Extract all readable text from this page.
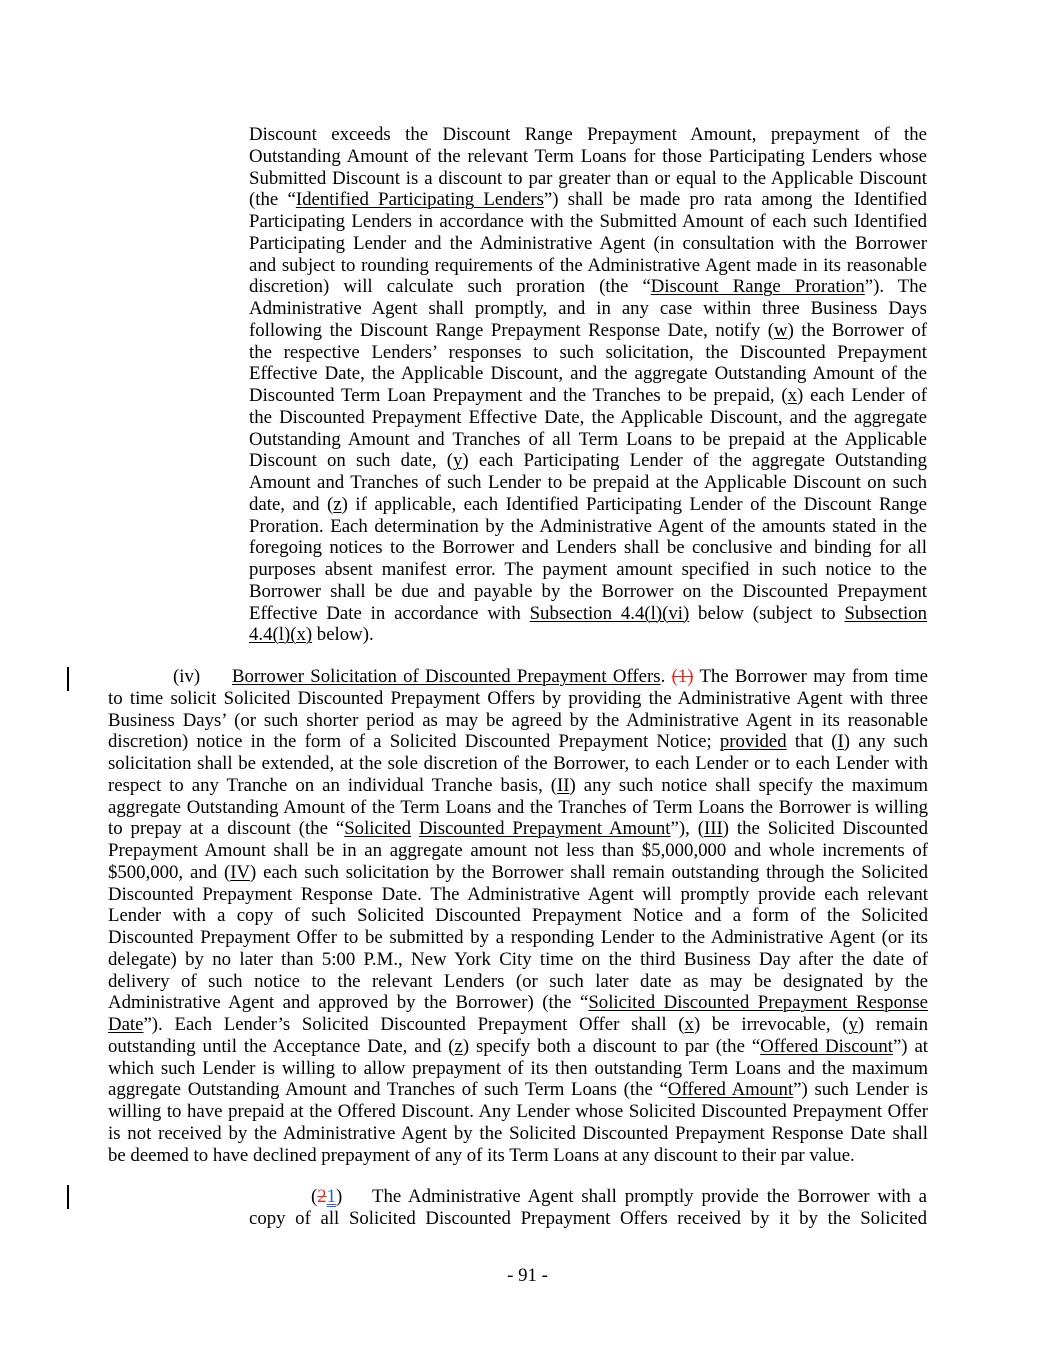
Discount exceeds the Discount Range Prepayment Amount, prepayment of the
Outstanding Amount of the relevant Term Loans for those Participating Lenders whose
Submitted Discount is a discount to par greater than or equal to the Applicable Discount
(the “Identified Participating Lenders”) shall be made pro rata among the Identified
Participating Lenders in accordance with the Submitted Amount of each such Identified
Participating Lender and the Administrative Agent (in consultation with the Borrower
and subject to rounding requirements of the Administrative Agent made in its reasonable
discretion) will calculate such proration (the “Discount Range Proration”). The
Administrative Agent shall promptly, and in any case within three Business Days
following the Discount Range Prepayment Response Date, notify (w) the Borrower of
the respective Lenders’ responses to such solicitation, the Discounted Prepayment
Effective Date, the Applicable Discount, and the aggregate Outstanding Amount of the
Discounted Term Loan Prepayment and the Tranches to be prepaid, (x) each Lender of
the Discounted Prepayment Effective Date, the Applicable Discount, and the aggregate
Outstanding Amount and Tranches of all Term Loans to be prepaid at the Applicable
Discount on such date, (y) each Participating Lender of the aggregate Outstanding
Amount and Tranches of such Lender to be prepaid at the Applicable Discount on such
date, and (z) if applicable, each Identified Participating Lender of the Discount Range
Proration. Each determination by the Administrative Agent of the amounts stated in the
foregoing notices to the Borrower and Lenders shall be conclusive and binding for all
purposes absent manifest error. The payment amount specified in such notice to the
Borrower shall be due and payable by the Borrower on the Discounted Prepayment
Effective Date in accordance with Subsection 4.4(l)(vi) below (subject to Subsection
4.4(l)(x) below).
(iv)	Borrower Solicitation of Discounted Prepayment Offers. (1) The Borrower may from time
to time solicit Solicited Discounted Prepayment Offers by providing the Administrative Agent with three
Business Days’ (or such shorter period as may be agreed by the Administrative Agent in its reasonable
discretion) notice in the form of a Solicited Discounted Prepayment Notice; provided that (I) any such
solicitation shall be extended, at the sole discretion of the Borrower, to each Lender or to each Lender with
respect to any Tranche on an individual Tranche basis, (II) any such notice shall specify the maximum
aggregate Outstanding Amount of the Term Loans and the Tranches of Term Loans the Borrower is willing
to prepay at a discount (the “Solicited Discounted Prepayment Amount”), (III) the Solicited Discounted
Prepayment Amount shall be in an aggregate amount not less than $5,000,000 and whole increments of
$500,000, and (IV) each such solicitation by the Borrower shall remain outstanding through the Solicited
Discounted Prepayment Response Date. The Administrative Agent will promptly provide each relevant
Lender with a copy of such Solicited Discounted Prepayment Notice and a form of the Solicited
Discounted Prepayment Offer to be submitted by a responding Lender to the Administrative Agent (or its
delegate) by no later than 5:00 P.M., New York City time on the third Business Day after the date of
delivery of such notice to the relevant Lenders (or such later date as may be designated by the
Administrative Agent and approved by the Borrower) (the “Solicited Discounted Prepayment Response
Date”). Each Lender’s Solicited Discounted Prepayment Offer shall (x) be irrevocable, (y) remain
outstanding until the Acceptance Date, and (z) specify both a discount to par (the “Offered Discount”) at
which such Lender is willing to allow prepayment of its then outstanding Term Loans and the maximum
aggregate Outstanding Amount and Tranches of such Term Loans (the “Offered Amount”) such Lender is
willing to have prepaid at the Offered Discount. Any Lender whose Solicited Discounted Prepayment Offer
is not received by the Administrative Agent by the Solicited Discounted Prepayment Response Date shall
be deemed to have declined prepayment of any of its Term Loans at any discount to their par value.
(21)	The Administrative Agent shall promptly provide the Borrower with a
copy of all Solicited Discounted Prepayment Offers received by it by the Solicited
- 91 -
